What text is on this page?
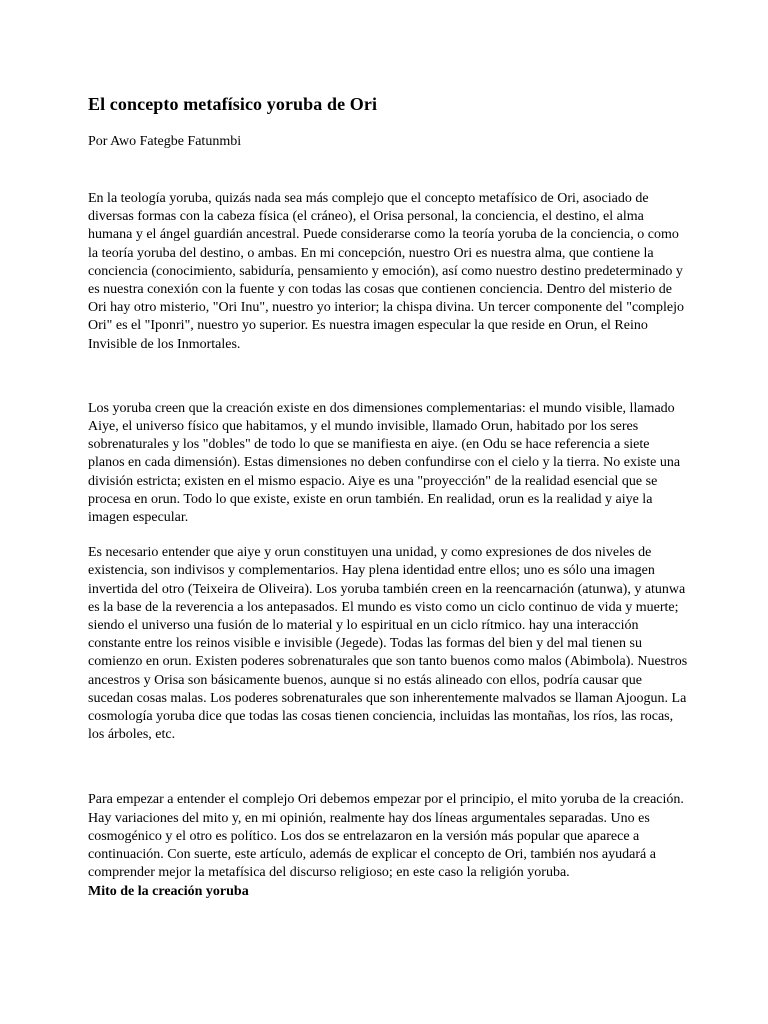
El concepto metafísico yoruba de Ori

Por Awo Fategbe Fatunmbi

En la teología yoruba, quizás nada sea más complejo que el concepto metafísico de Ori, asociado de diversas formas con la cabeza física (el cráneo), el Orisa personal, la conciencia, el destino, el alma humana y el ángel guardián ancestral. Puede considerarse como la teoría yoruba de la conciencia, o como la teoría yoruba del destino, o ambas. En mi concepción, nuestro Ori es nuestra alma, que contiene la conciencia (conocimiento, sabiduría, pensamiento y emoción), así como nuestro destino predeterminado y es nuestra conexión con la fuente y con todas las cosas que contienen conciencia. Dentro del misterio de Ori hay otro misterio, "Ori Inu", nuestro yo interior; la chispa divina. Un tercer componente del "complejo Ori" es el "Iponri", nuestro yo superior. Es nuestra imagen especular la que reside en Orun, el Reino Invisible de los Inmortales.

Los yoruba creen que la creación existe en dos dimensiones complementarias: el mundo visible, llamado Aiye, el universo físico que habitamos, y el mundo invisible, llamado Orun, habitado por los seres sobrenaturales y los "dobles" de todo lo que se manifiesta en aiye. (en Odu se hace referencia a siete planos en cada dimensión). Estas dimensiones no deben confundirse con el cielo y la tierra. No existe una división estricta; existen en el mismo espacio. Aiye es una "proyección" de la realidad esencial que se procesa en orun. Todo lo que existe, existe en orun también. En realidad, orun es la realidad y aiye la imagen especular.

Es necesario entender que aiye y orun constituyen una unidad, y como expresiones de dos niveles de existencia, son indivisos y complementarios. Hay plena identidad entre ellos; uno es sólo una imagen invertida del otro (Teixeira de Oliveira). Los yoruba también creen en la reencarnación (atunwa), y atunwa es la base de la reverencia a los antepasados. El mundo es visto como un ciclo continuo de vida y muerte; siendo el universo una fusión de lo material y lo espiritual en un ciclo rítmico. hay una interacción constante entre los reinos visible e invisible (Jegede). Todas las formas del bien y del mal tienen su comienzo en orun. Existen poderes sobrenaturales que son tanto buenos como malos (Abimbola). Nuestros ancestros y Orisa son básicamente buenos, aunque si no estás alineado con ellos, podría causar que sucedan cosas malas. Los poderes sobrenaturales que son inherentemente malvados se llaman Ajoogun. La cosmología yoruba dice que todas las cosas tienen conciencia, incluidas las montañas, los ríos, las rocas, los árboles, etc.

Para empezar a entender el complejo Ori debemos empezar por el principio, el mito yoruba de la creación. Hay variaciones del mito y, en mi opinión, realmente hay dos líneas argumentales separadas. Uno es cosmogénico y el otro es político. Los dos se entrelazaron en la versión más popular que aparece a continuación. Con suerte, este artículo, además de explicar el concepto de Ori, también nos ayudará a comprender mejor la metafísica del discurso religioso; en este caso la religión yoruba.

Mito de la creación yoruba
